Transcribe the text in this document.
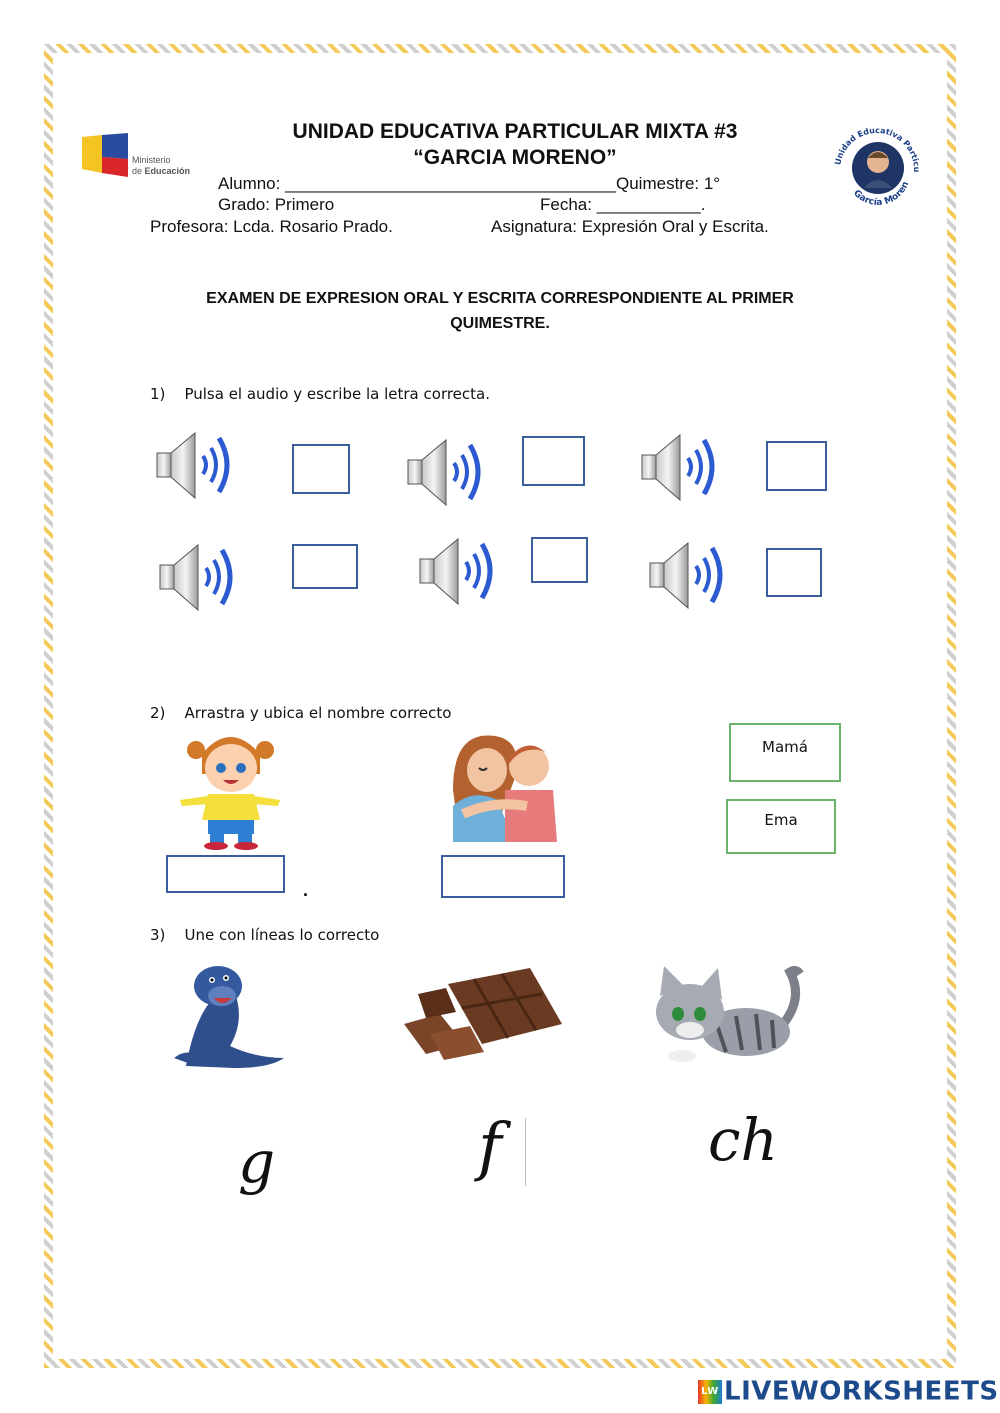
Ministerio
de Educación
Unidad Educativa Particu
García Moren
UNIDAD EDUCATIVA PARTICULAR MIXTA #3
“GARCIA MORENO”
Alumno: ___________________________________Quimestre: 1°
Grado: Primero	Fecha: ___________.
Profesora: Lcda. Rosario Prado.	Asignatura: Expresión Oral y Escrita.
EXAMEN DE EXPRESION ORAL Y ESCRITA CORRESPONDIENTE AL PRIMER
QUIMESTRE.
1)    Pulsa el audio y escribe la letra correcta.
2)    Arrastra y ubica el nombre correcto
.
Mamá
Ema
3)    Une con líneas lo correcto
g	f	ch
LW LIVEWORKSHEETS
